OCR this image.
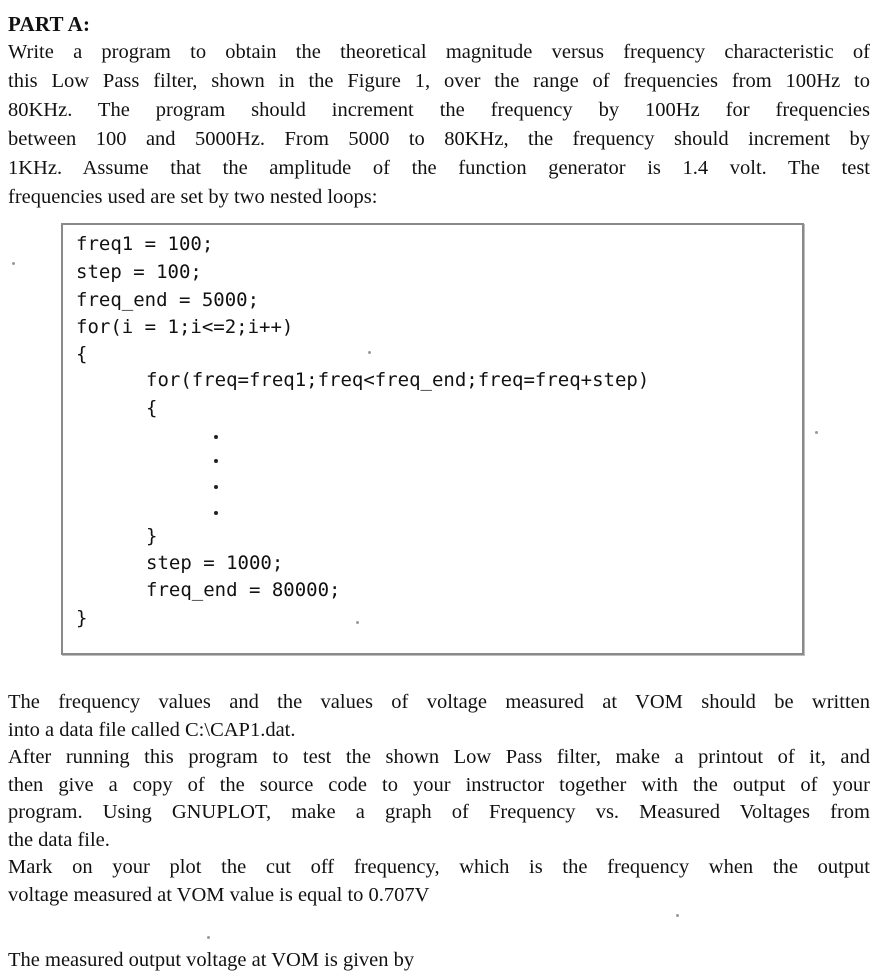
PART A:
Write a program to obtain the theoretical magnitude versus frequency characteristic of
this Low Pass filter, shown in the Figure 1, over the range of frequencies from 100Hz to
80KHz. The program should increment the frequency by 100Hz for frequencies
between 100 and 5000Hz. From 5000 to 80KHz, the frequency should increment by
1KHz. Assume that the amplitude of the function generator is 1.4 volt. The test
frequencies used are set by two nested loops:
freq1 = 100;
step = 100;
freq_end = 5000;
for(i = 1;i<=2;i++)
{
for(freq=freq1;freq<freq_end;freq=freq+step)
{
}
step = 1000;
freq_end = 80000;
}
The frequency values and the values of voltage measured at VOM should be written
into a data file called C:\CAP1.dat.
After running this program to test the shown Low Pass filter, make a printout of it, and
then give a copy of the source code to your instructor together with the output of your
program. Using GNUPLOT, make a graph of Frequency vs. Measured Voltages from
the data file.
Mark on your plot the cut off frequency, which is the frequency when the output
voltage measured at VOM value is equal to 0.707V
The measured output voltage at VOM is given by
